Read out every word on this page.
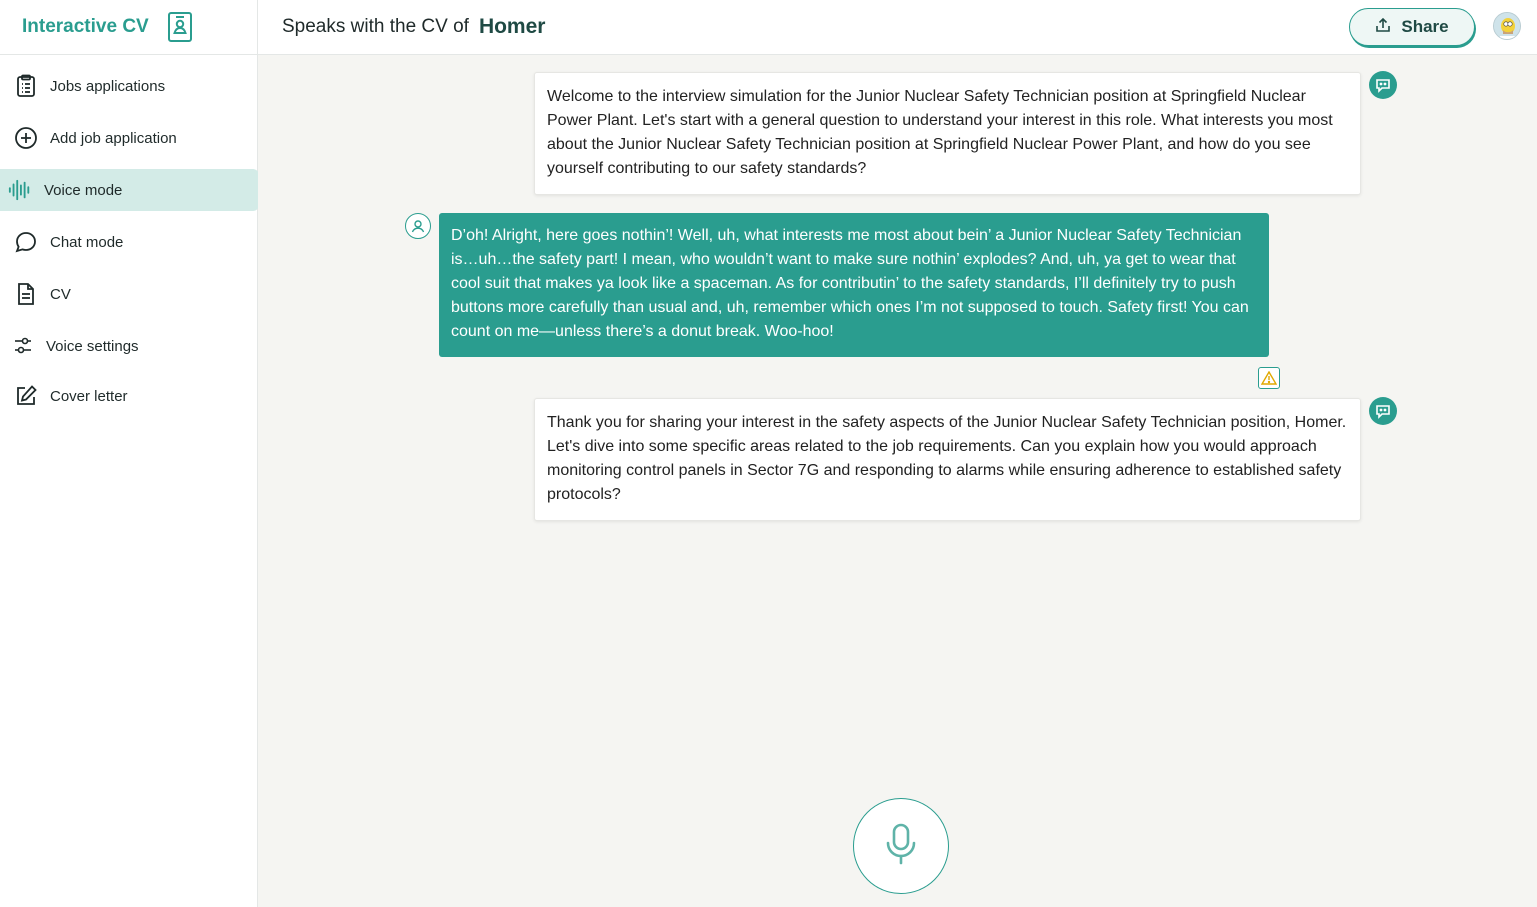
Interactive CV
Jobs applications
Add job application
Voice mode
Chat mode
CV
Voice settings
Cover letter
Speaks with the CV of Homer	Share
Welcome to the interview simulation for the Junior Nuclear Safety Technician position at Springfield Nuclear Power Plant. Let's start with a general question to understand your interest in this role. What interests you most about the Junior Nuclear Safety Technician position at Springfield Nuclear Power Plant, and how do you see yourself contributing to our safety standards?
D’oh! Alright, here goes nothin’! Well, uh, what interests me most about bein’ a Junior Nuclear Safety Technician is…uh…the safety part! I mean, who wouldn’t want to make sure nothin’ explodes? And, uh, ya get to wear that cool suit that makes ya look like a spaceman. As for contributin’ to the safety standards, I’ll definitely try to push buttons more carefully than usual and, uh, remember which ones I’m not supposed to touch. Safety first! You can count on me—unless there’s a donut break. Woo-hoo!
Thank you for sharing your interest in the safety aspects of the Junior Nuclear Safety Technician position, Homer. Let's dive into some specific areas related to the job requirements. Can you explain how you would approach monitoring control panels in Sector 7G and responding to alarms while ensuring adherence to established safety protocols?
